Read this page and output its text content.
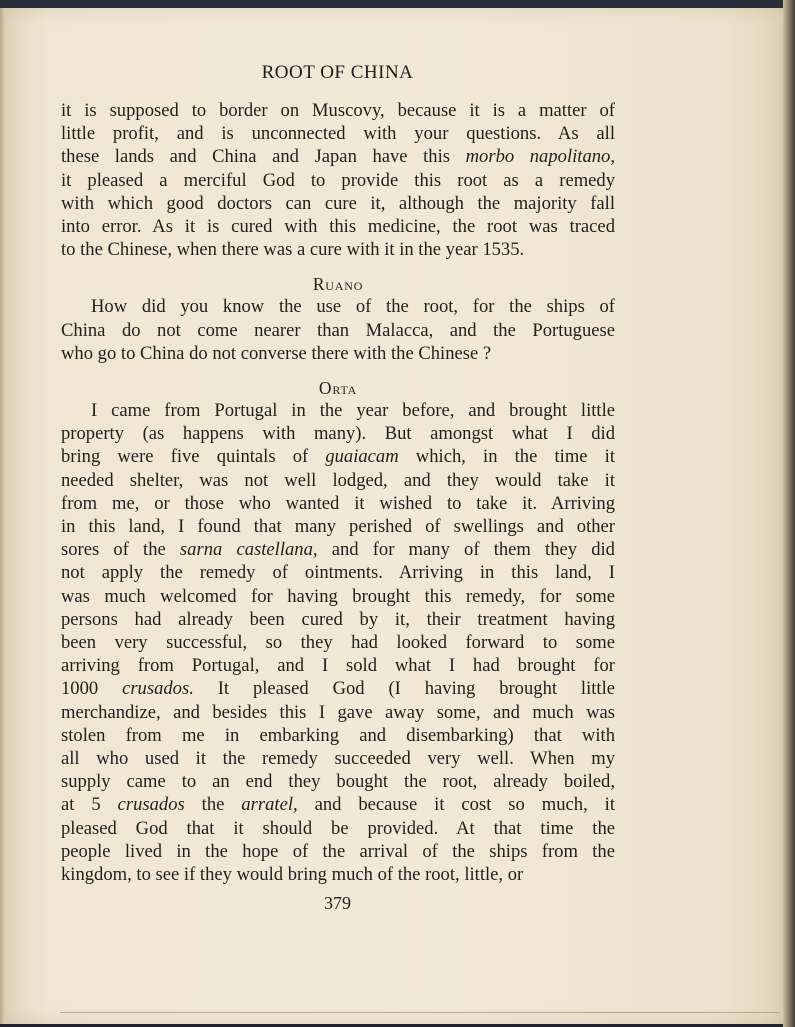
ROOT OF CHINA

it is supposed to border on Muscovy, because it is a matter of

little profit, and is unconnected with your questions. As all

these lands and China and Japan have this morbo napolitano,

it pleased a merciful God to provide this root as a remedy

with which good doctors can cure it, although the majority fall

into error. As it is cured with this medicine, the root was traced

to the Chinese, when there was a cure with it in the year 1535.

Ruano

How did you know the use of the root, for the ships of

China do not come nearer than Malacca, and the Portuguese

who go to China do not converse there with the Chinese ?

Orta

I came from Portugal in the year before, and brought little

property (as happens with many). But amongst what I did

bring were five quintals of guaiacam which, in the time it

needed shelter, was not well lodged, and they would take it

from me, or those who wanted it wished to take it. Arriving

in this land, I found that many perished of swellings and other

sores of the sarna castellana, and for many of them they did

not apply the remedy of ointments. Arriving in this land, I

was much welcomed for having brought this remedy, for some

persons had already been cured by it, their treatment having

been very successful, so they had looked forward to some

arriving from Portugal, and I sold what I had brought for

1000 crusados. It pleased God (I having brought little

merchandize, and besides this I gave away some, and much was

stolen from me in embarking and disembarking) that with

all who used it the remedy succeeded very well. When my

supply came to an end they bought the root, already boiled,

at 5 crusados the arratel, and because it cost so much, it

pleased God that it should be provided. At that time the

people lived in the hope of the arrival of the ships from the

kingdom, to see if they would bring much of the root, little, or

379
